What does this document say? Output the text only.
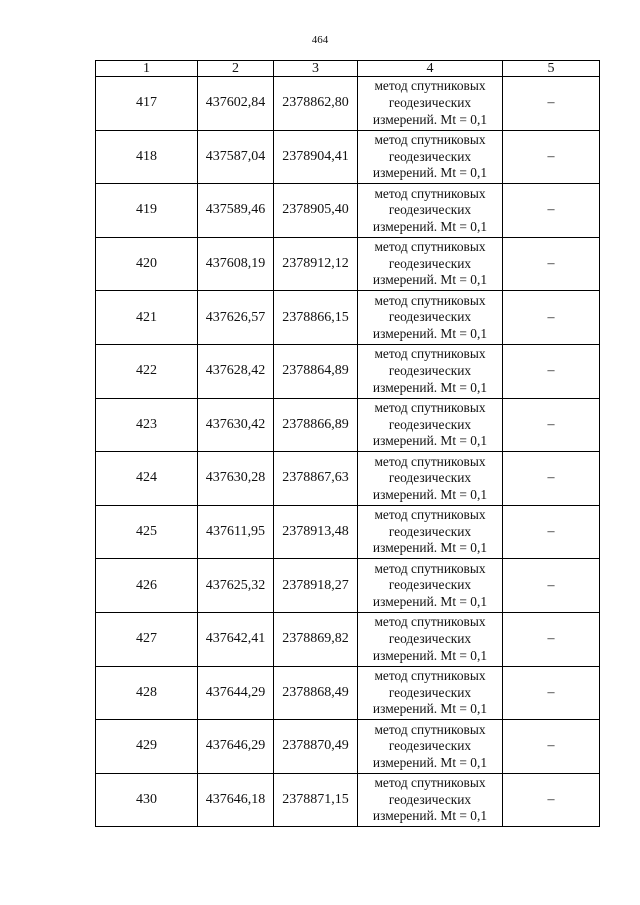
464
1	2	3	4	5
417	437602,84	2378862,80	метод спутниковых
геодезических
измерений. Mt = 0,1	–
418	437587,04	2378904,41	метод спутниковых
геодезических
измерений. Mt = 0,1	–
419	437589,46	2378905,40	метод спутниковых
геодезических
измерений. Mt = 0,1	–
420	437608,19	2378912,12	метод спутниковых
геодезических
измерений. Mt = 0,1	–
421	437626,57	2378866,15	метод спутниковых
геодезических
измерений. Mt = 0,1	–
422	437628,42	2378864,89	метод спутниковых
геодезических
измерений. Mt = 0,1	–
423	437630,42	2378866,89	метод спутниковых
геодезических
измерений. Mt = 0,1	–
424	437630,28	2378867,63	метод спутниковых
геодезических
измерений. Mt = 0,1	–
425	437611,95	2378913,48	метод спутниковых
геодезических
измерений. Mt = 0,1	–
426	437625,32	2378918,27	метод спутниковых
геодезических
измерений. Mt = 0,1	–
427	437642,41	2378869,82	метод спутниковых
геодезических
измерений. Mt = 0,1	–
428	437644,29	2378868,49	метод спутниковых
геодезических
измерений. Mt = 0,1	–
429	437646,29	2378870,49	метод спутниковых
геодезических
измерений. Mt = 0,1	–
430	437646,18	2378871,15	метод спутниковых
геодезических
измерений. Mt = 0,1	–
